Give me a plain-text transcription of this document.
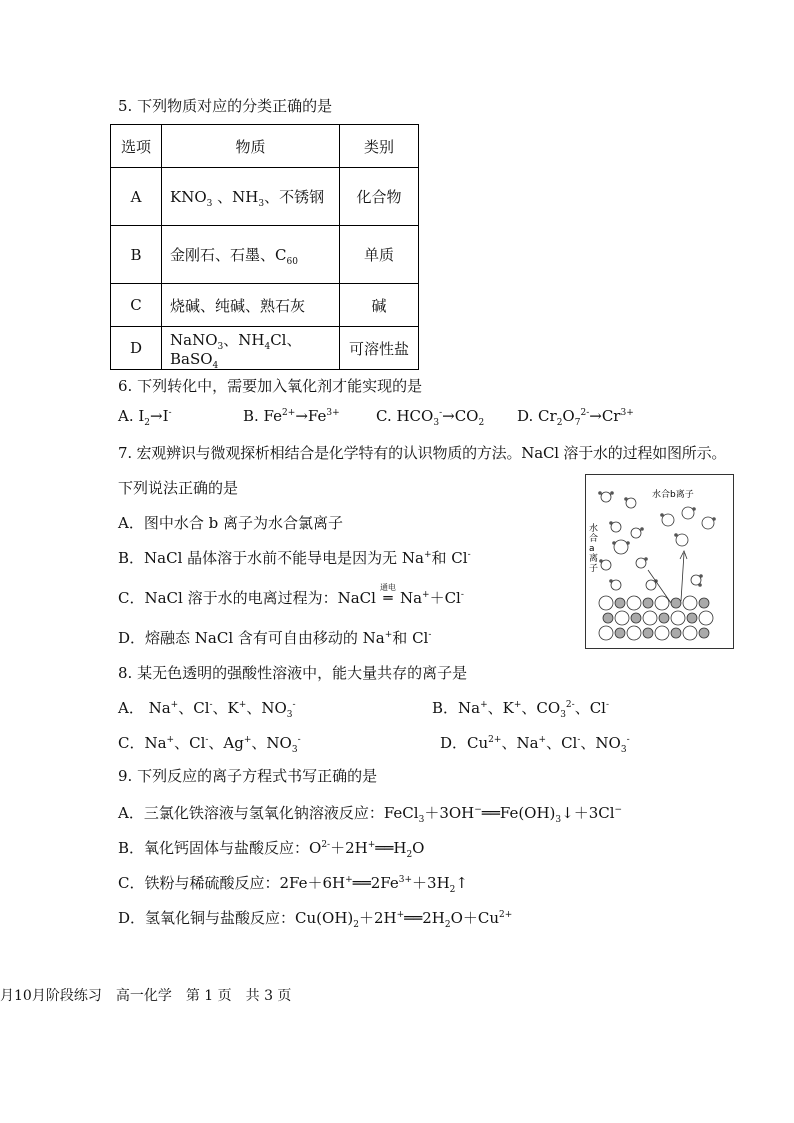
5. 下列物质对应的分类正确的是
选项	物质	类别
A	$KNO_3$ 、$NH_3$、不锈钢	化合物
B	金刚石、石墨、$C_{60}$	单质
C	烧碱、纯碱、熟石灰	碱
D	NaNO$_3$、$NH_4Cl$、BaSO$_4$	可溶性盐
6. 下列转化中，需要加入氧化剂才能实现的是
A. $I_2\to I^-$	B. $Fe^{2+}\to Fe^{3+}$ C. $HCO_3^-\to CO_2$ D. $Cr_2O_7^{2-}\to Cr^{3+}$
7. 宏观辨识与微观探析相结合是化学特有的认识物质的方法。NaCl 溶于水的过程如图所示。
下列说法正确的是
A．图中水合 b 离子为水合氯离子
B．NaCl 晶体溶于水前不能导电是因为无 Na+和 Cl-
C．NaCl 溶于水的电离过程为：NaCl
通电
═ Na+＋Cl-
D．熔融态 NaCl 含有可自由移动的 Na+和 Cl-
水合b离子
水
合
a
离
子
8. 某无色透明的强酸性溶液中，能大量共存的离子是
A． Na+、Cl-、K+、$NO_3^-$	B．Na+、K+、$CO_3^{2-}$、Cl-
C．Na+、Cl-、Ag+、$NO_3^-$	D．$Cu^{2+}$、Na+、Cl-、$NO_3^-$
9. 下列反应的离子方程式书写正确的是
A．三氯化铁溶液与氢氧化钠溶液反应：$FeCl_3+3OH^-══Fe(OH)_3↓+3Cl^-$
B．氧化钙固体与盐酸反应：$O^{2-}+2H^+══H_2O$
C．铁粉与稀硫酸反应：$2Fe+6H^+══2Fe^{3+}+3H_2↑$
D．氢氧化铜与盐酸反应：$Cu(OH)_2+2H^+══2H_2O+Cu^{2+}$
月10月阶段练习　高一化学　第 1 页　共 3 页
